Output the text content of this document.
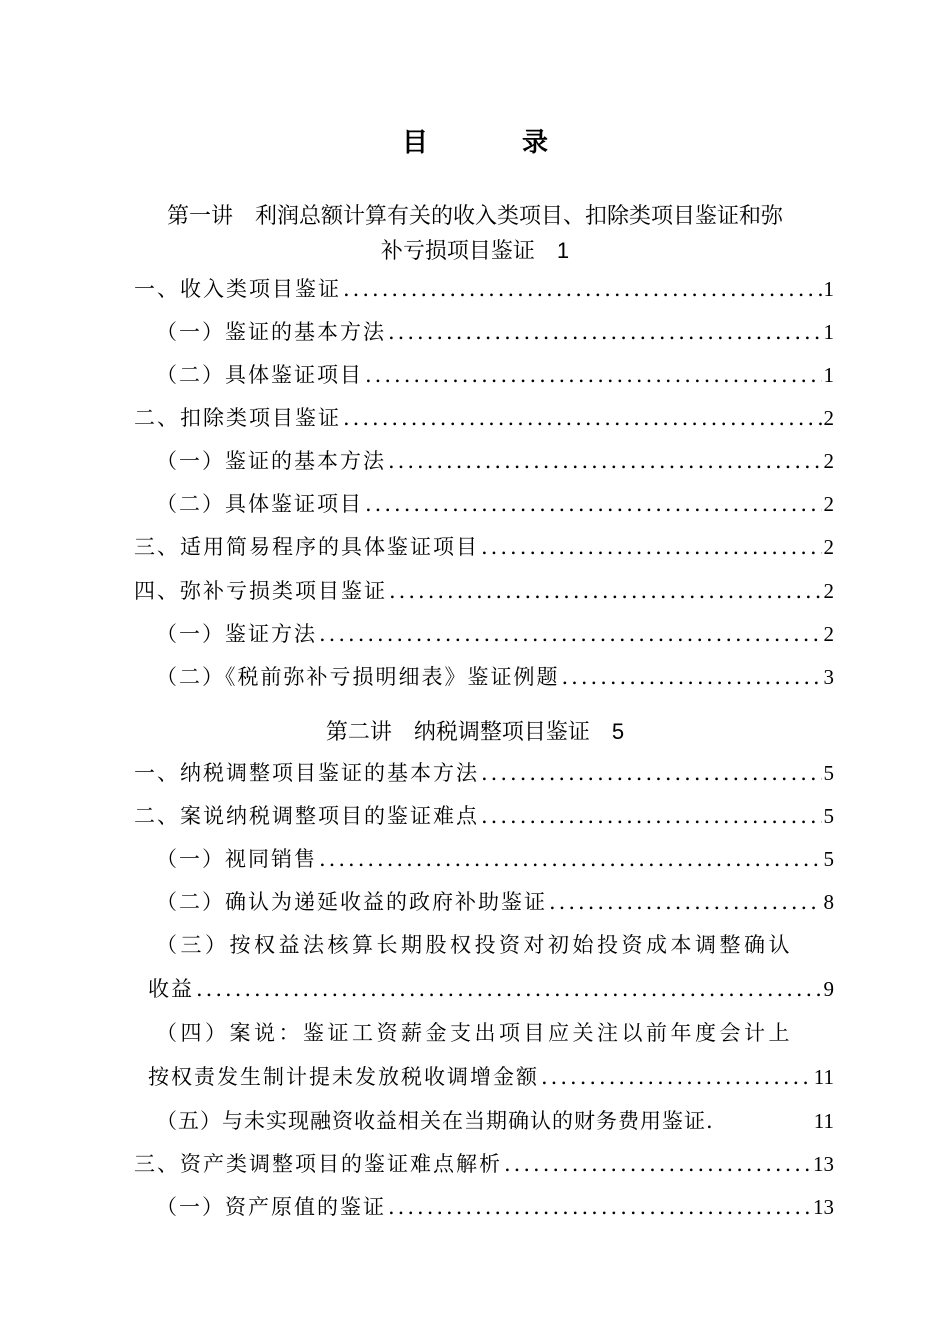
目　录
第一讲　利润总额计算有关的收入类项目、扣除类项目鉴证和弥
补亏损项目鉴证 1
一、收入类项目鉴证 .....	1
（一）鉴证的基本方法 .....	1
（二）具体鉴证项目 .....	1
二、扣除类项目鉴证 .....	2
（一）鉴证的基本方法 .....	2
（二）具体鉴证项目 .....	2
三、适用简易程序的具体鉴证项目 .....	2
四、弥补亏损类项目鉴证 .....	2
（一）鉴证方法 .....	2
（二）《税前弥补亏损明细表》鉴证例题 .....	3
第二讲　纳税调整项目鉴证 5
一、纳税调整项目鉴证的基本方法 .....	5
二、案说纳税调整项目的鉴证难点 .....	5
（一）视同销售 .....	5
（二）确认为递延收益的政府补助鉴证 .....	8
（三）按权益法核算长期股权投资对初始投资成本调整确认
收益 .....	9
（四）案说：鉴证工资薪金支出项目应关注以前年度会计上
按权责发生制计提未发放税收调增金额 .....	11
（五）与未实现融资收益相关在当期确认的财务费用鉴证.	11
三、资产类调整项目的鉴证难点解析 .....	13
（一）资产原值的鉴证 .....	13
